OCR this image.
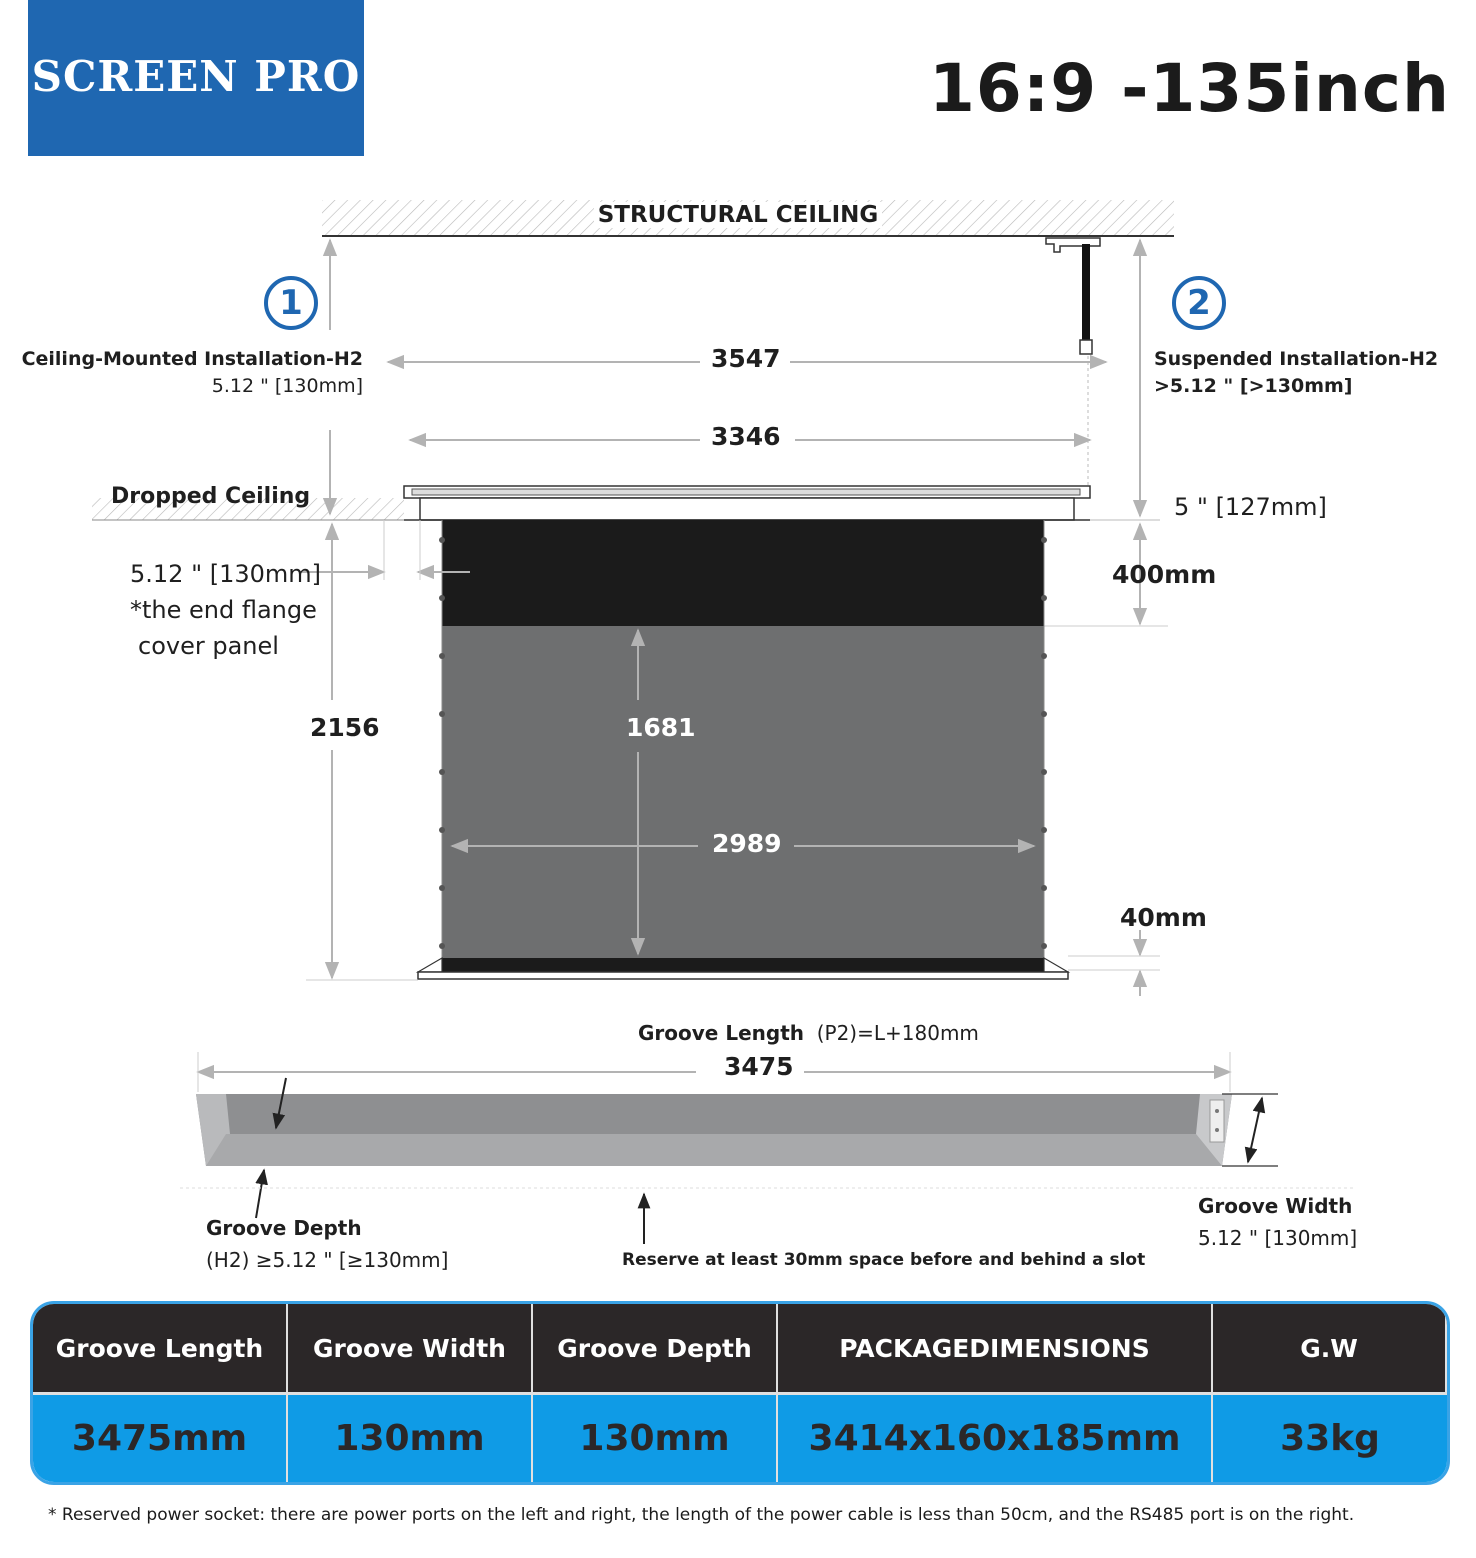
SCREEN PRO	16:9 -135inch
STRUCTURAL CEILING
1	2
Ceiling-Mounted Installation-H2
5.12 " [130mm]
Suspended Installation-H2
>5.12 " [>130mm]
3547
3346
Dropped Ceiling	5 " [127mm]
400mm
40mm
5.12 " [130mm]
*the end flange
cover panel
2156	1681
2989
Groove Length (P2)=L+180mm
3475
Groove Depth
(H2) ≥5.12 " [≥130mm]	Reserve at least 30mm space before and behind a slot
Groove Width
5.12 " [130mm]
Groove Length	Groove Width	Groove Depth	PACKAGEDIMENSIONS	G.W
3475mm	130mm	130mm	3414x160x185mm	33kg
* Reserved power socket: there are power ports on the left and right, the length of the power cable is less than 50cm, and the RS485 port is on the right.
